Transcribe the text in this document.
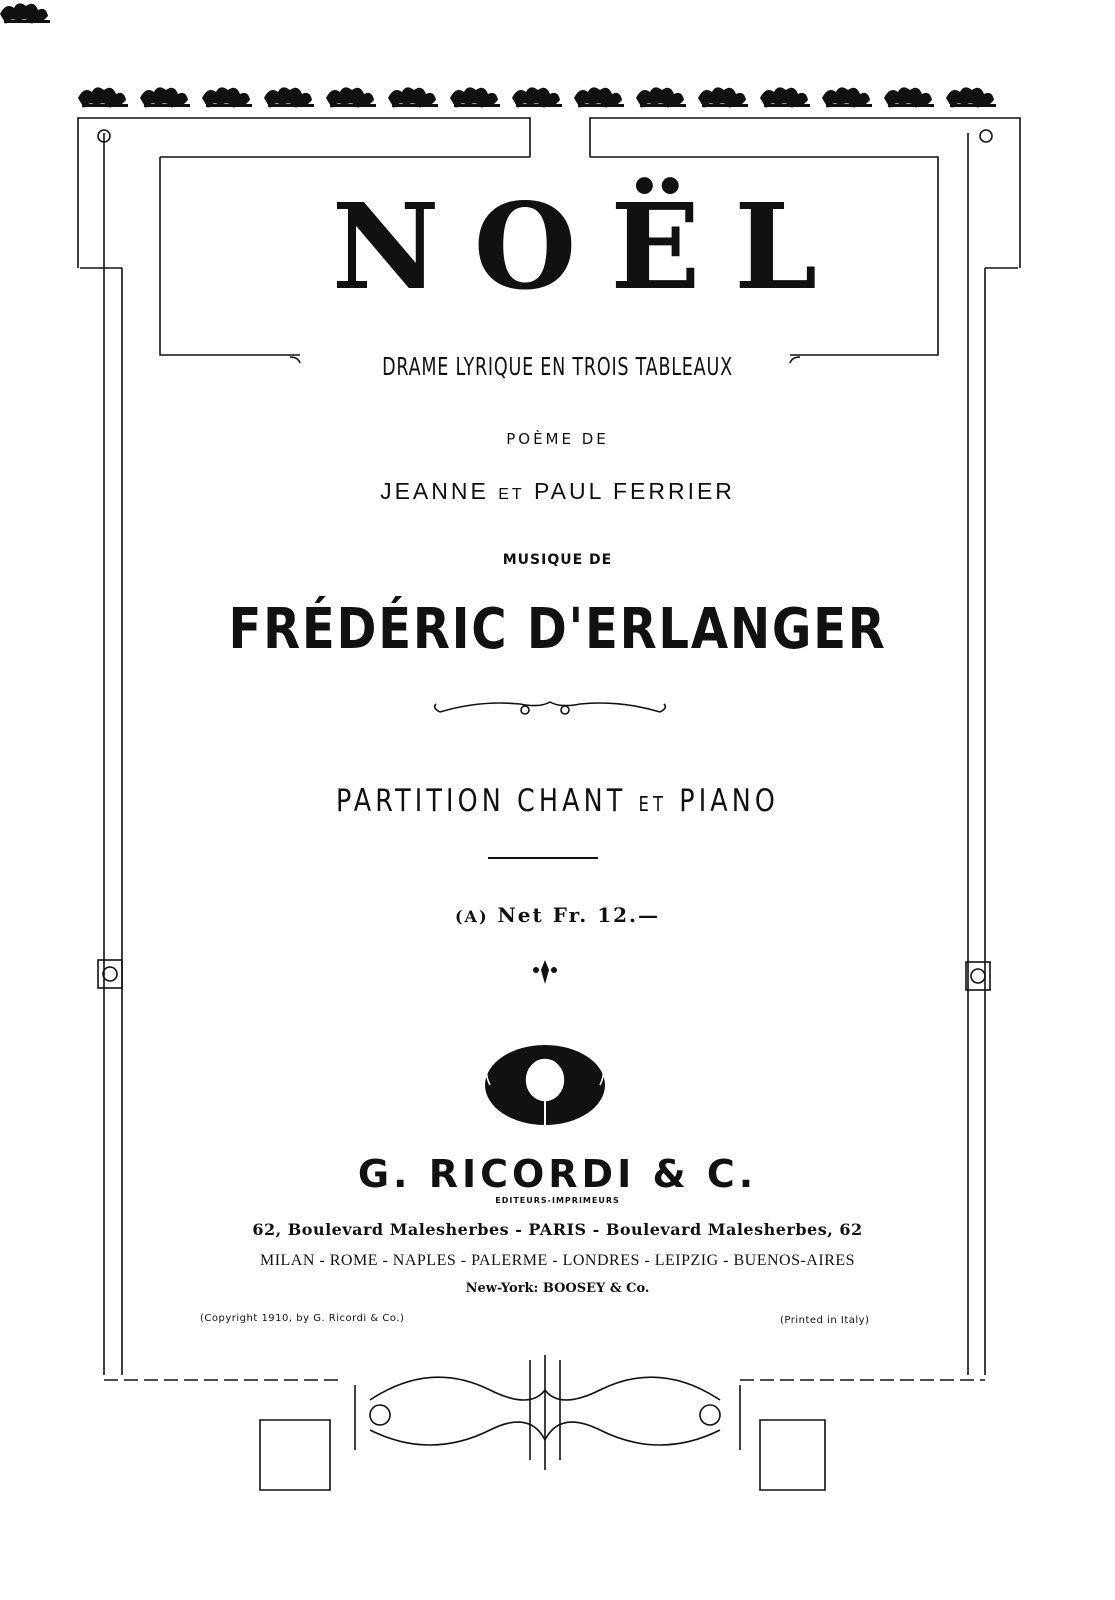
NOËL
DRAME LYRIQUE EN TROIS TABLEAUX
POÈME DE
JEANNE ET PAUL FERRIER
MUSIQUE DE
FRÉDÉRIC D'ERLANGER
PARTITION CHANT ET PIANO
(A) Net Fr. 12.—
G. RICORDI & C.
EDITEURS-IMPRIMEURS
62, Boulevard Malesherbes - PARIS - Boulevard Malesherbes, 62
MILAN - ROME - NAPLES - PALERME - LONDRES - LEIPZIG - BUENOS-AIRES
New-York: BOOSEY & Co.
(Copyright 1910, by G. Ricordi & Co.)	(Printed in Italy)
